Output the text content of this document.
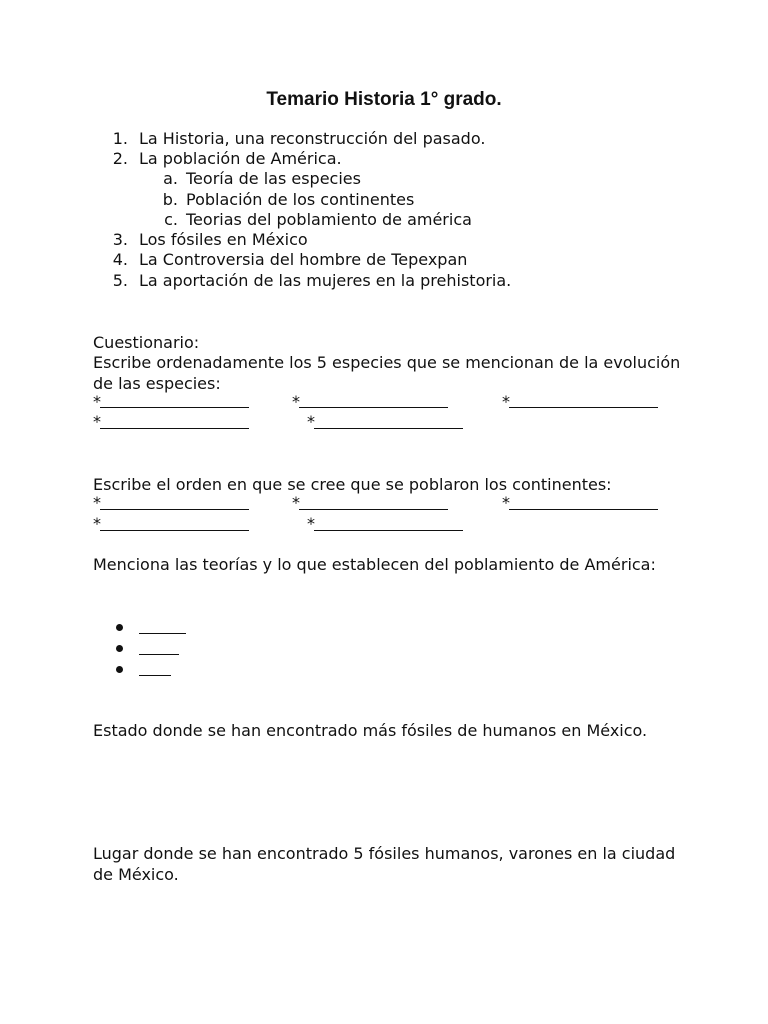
Temario Historia 1° grado.
1. La Historia, una reconstrucción del pasado.
2. La población de América.
a. Teoría de las especies
b. Población de los continentes
c. Teorias del poblamiento de américa
3. Los fósiles en México
4. La Controversia del hombre de Tepexpan
5. La aportación de las mujeres en la prehistoria.
Cuestionario:
Escribe ordenadamente los 5 especies que se mencionan de la evolución de las especies:
*	*	*
*	*
Escribe el orden en que se cree que se poblaron los continentes:
*	*	*
*	*
Menciona las teorías y lo que establecen del poblamiento de América:
Estado donde se han encontrado más fósiles de humanos en México.
Lugar donde se han encontrado 5 fósiles humanos, varones en la ciudad de México.
